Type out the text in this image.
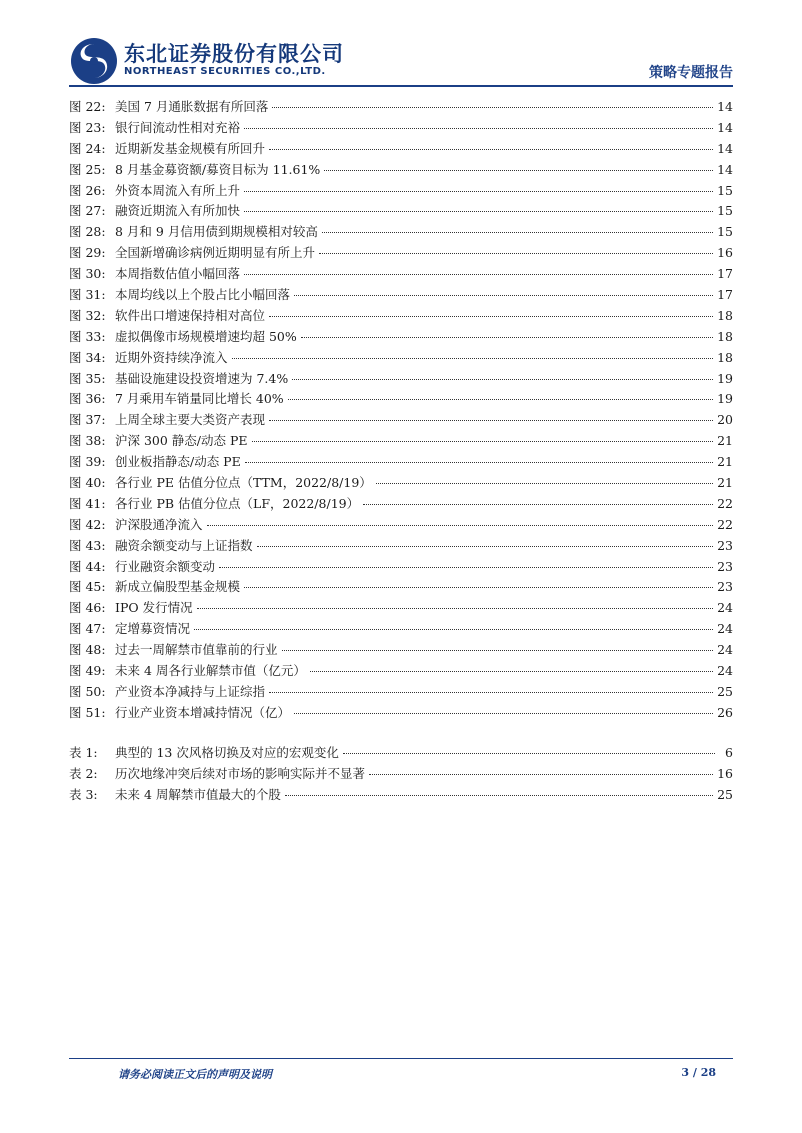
东北证券股份有限公司
NORTHEAST SECURITIES CO.,LTD.	策略专题报告
图 22: 美国 7 月通胀数据有所回落	14
图 23: 银行间流动性相对充裕	14
图 24: 近期新发基金规模有所回升	14
图 25: 8 月基金募资额/募资目标为 11.61%	14
图 26: 外资本周流入有所上升	15
图 27: 融资近期流入有所加快	15
图 28: 8 月和 9 月信用债到期规模相对较高	15
图 29: 全国新增确诊病例近期明显有所上升	16
图 30: 本周指数估值小幅回落	17
图 31: 本周均线以上个股占比小幅回落	17
图 32: 软件出口增速保持相对高位	18
图 33: 虚拟偶像市场规模增速均超 50%	18
图 34: 近期外资持续净流入	18
图 35: 基础设施建设投资增速为 7.4%	19
图 36: 7 月乘用车销量同比增长 40%	19
图 37: 上周全球主要大类资产表现	20
图 38: 沪深 300 静态/动态 PE	21
图 39: 创业板指静态/动态 PE	21
图 40: 各行业 PE 估值分位点（TTM，2022/8/19）	21
图 41: 各行业 PB 估值分位点（LF，2022/8/19）	22
图 42: 沪深股通净流入	22
图 43: 融资余额变动与上证指数	23
图 44: 行业融资余额变动	23
图 45: 新成立偏股型基金规模	23
图 46: IPO 发行情况	24
图 47: 定增募资情况	24
图 48: 过去一周解禁市值靠前的行业	24
图 49: 未来 4 周各行业解禁市值（亿元）	24
图 50: 产业资本净减持与上证综指	25
图 51: 行业产业资本增减持情况（亿）	26
表 1:	典型的 13 次风格切换及对应的宏观变化	6
表 2:	历次地缘冲突后续对市场的影响实际并不显著	16
表 3:	未来 4 周解禁市值最大的个股	25
请务必阅读正文后的声明及说明	3 / 28
